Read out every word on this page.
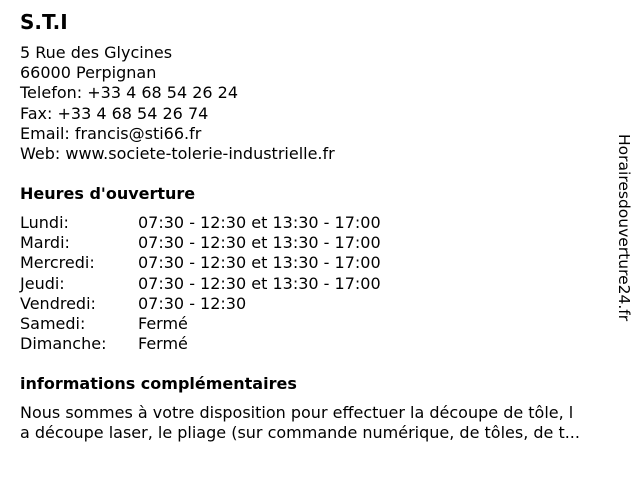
S.T.I
5 Rue des Glycines
66000 Perpignan
Telefon: +33 4 68 54 26 24
Fax: +33 4 68 54 26 74
Email: francis@sti66.fr
Web: www.societe-tolerie-industrielle.fr
Heures d'ouverture
Lundi:	07:30 - 12:30 et 13:30 - 17:00
Mardi:	07:30 - 12:30 et 13:30 - 17:00
Mercredi:	07:30 - 12:30 et 13:30 - 17:00
Jeudi:	07:30 - 12:30 et 13:30 - 17:00
Vendredi:	07:30 - 12:30
Samedi:	Fermé
Dimanche: Fermé
informations complémentaires
Nous sommes à votre disposition pour effectuer la découpe de tôle, l
a découpe laser, le pliage (sur commande numérique, de tôles, de t...
Horairesdouverture24.fr
